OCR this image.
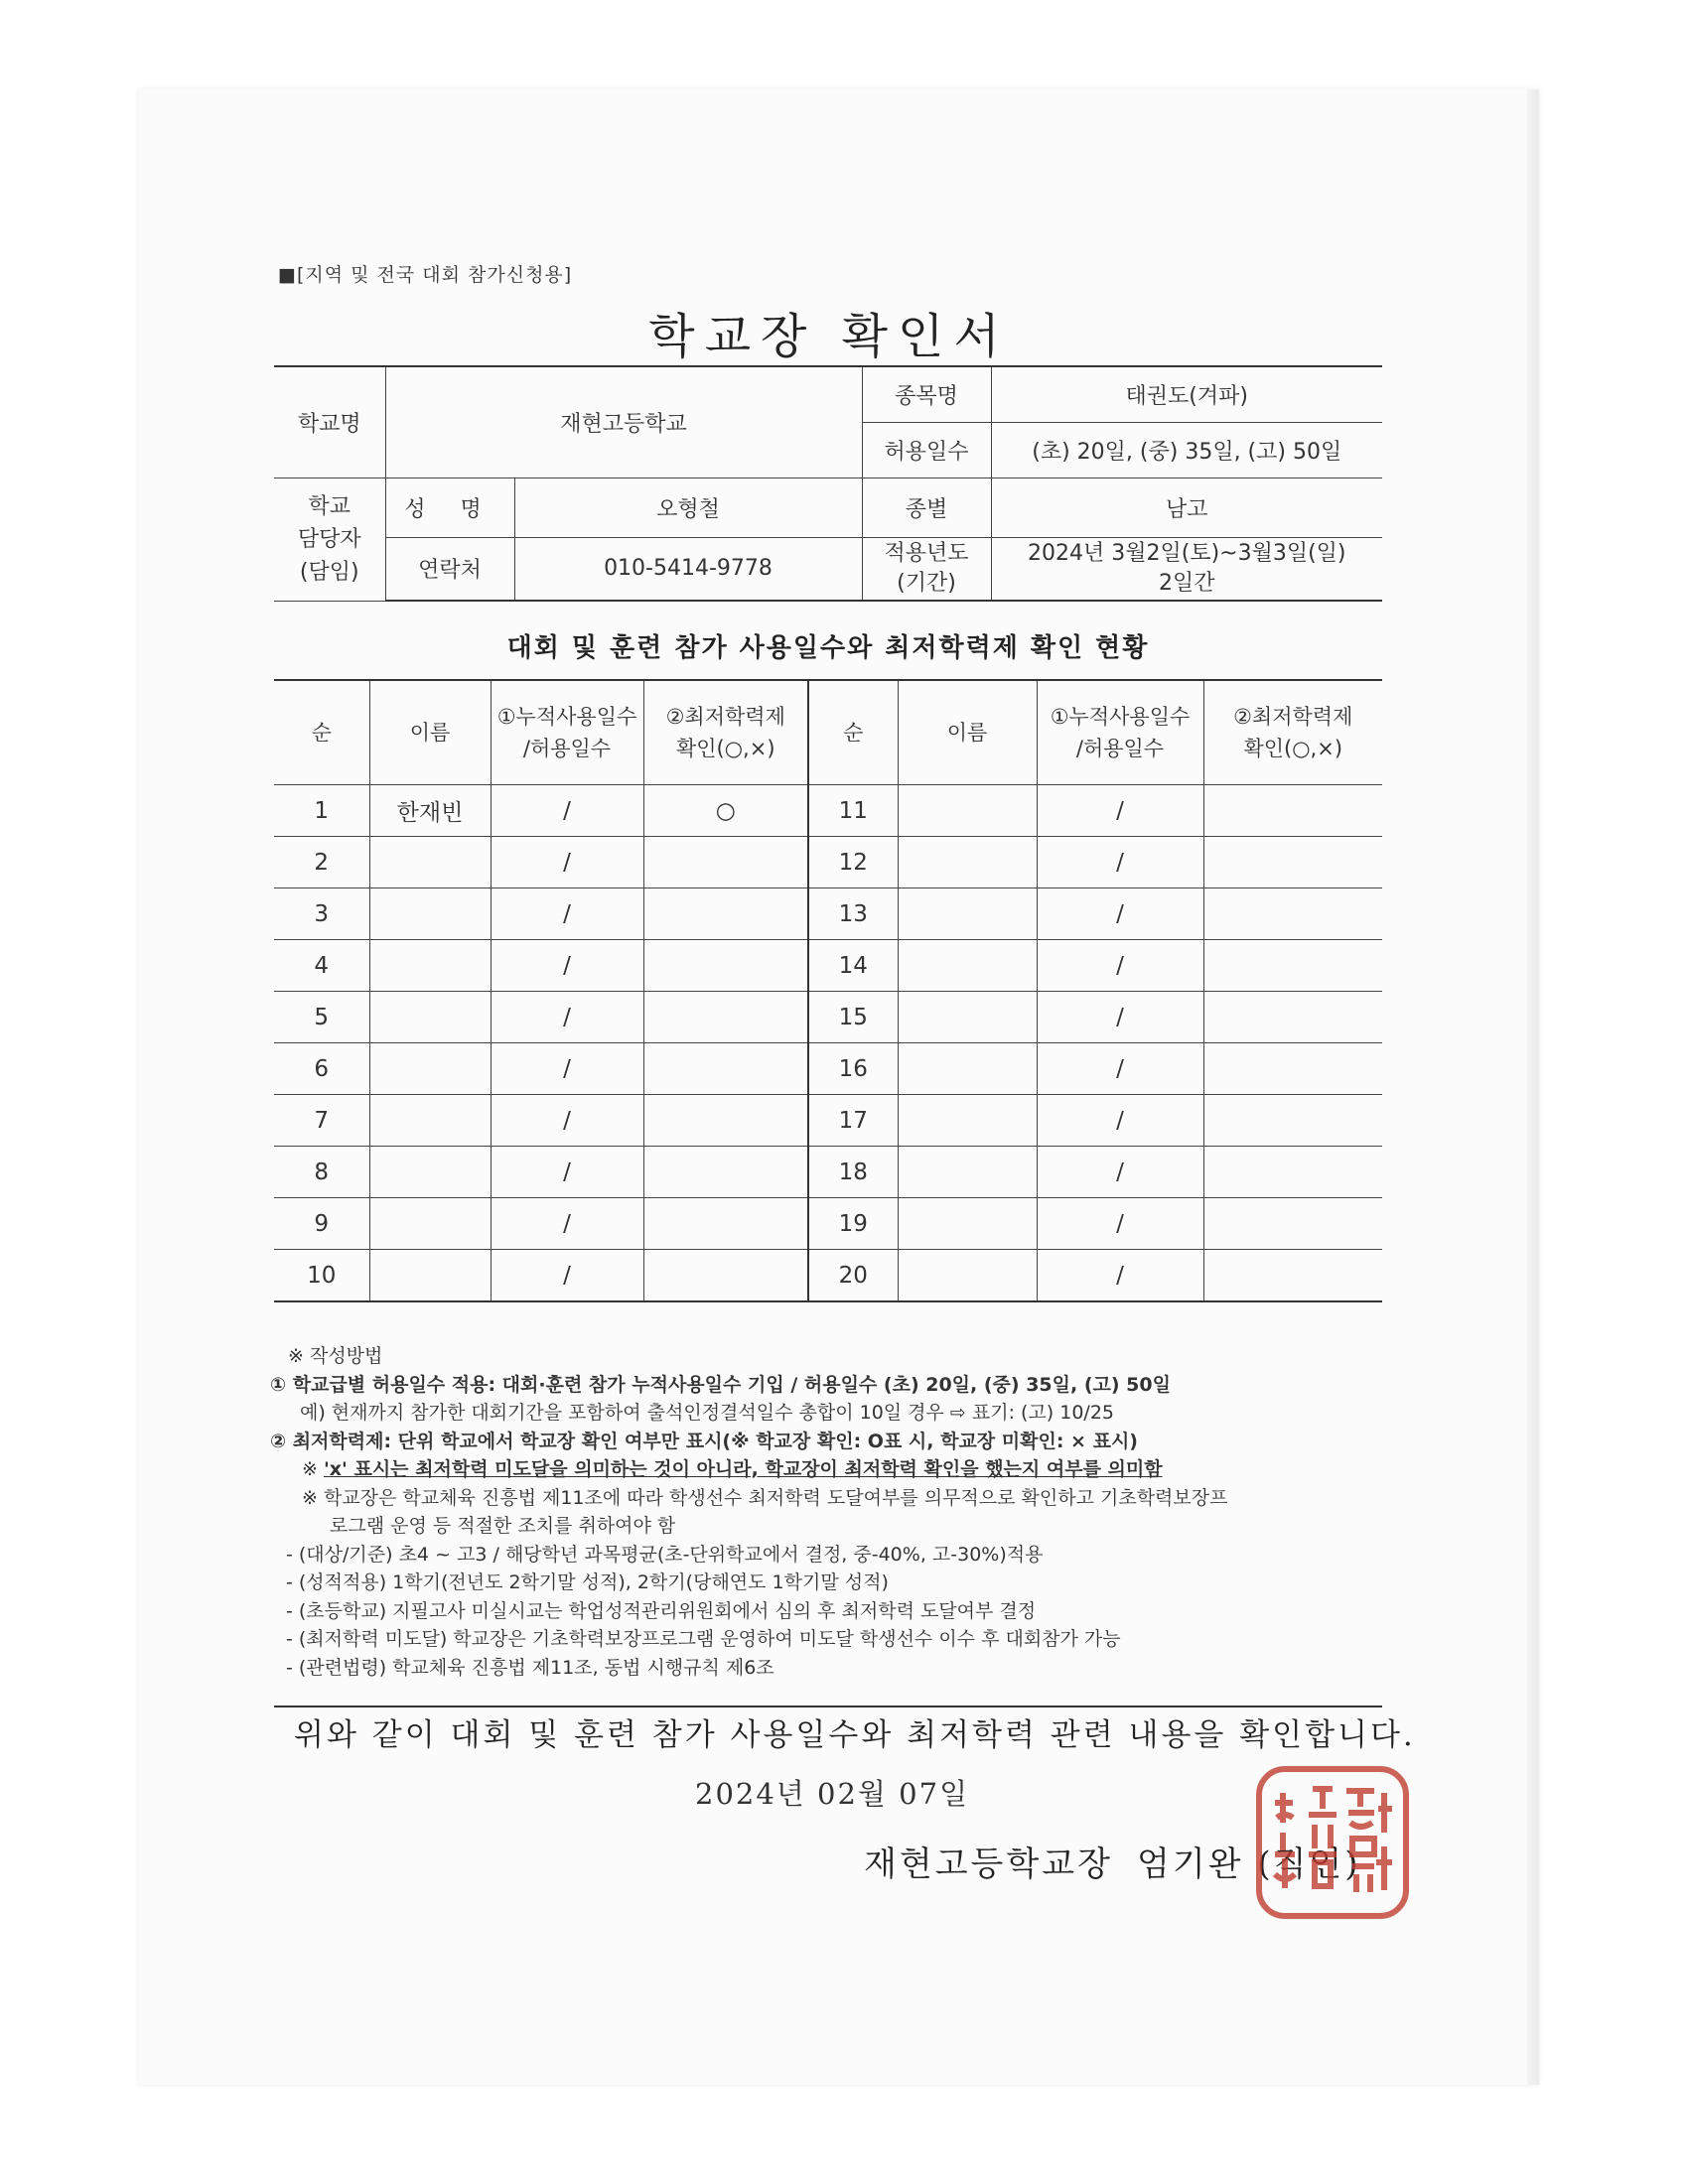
■[지역 및 전국 대회 참가신청용]
학교장 확인서
학교명	재현고등학교		종목명	태권도(겨파)
			허용일수	(초) 20일, (중) 35일, (고) 50일
학교 담당자 (담임)	성 명	오형철	종별	남고
	연락처	010-5414-9778	적용년도 (기간)	2024년 3월2일(토)~3월3일(일)
2일간
대회 및 훈련 참가 사용일수와 최저학력제 확인 현황
순	이름	①누적사용일수 /허용일수	②최저학력제 확인(○,×)	순	이름	①누적사용일수 /허용일수	②최저학력제 확인(○,×)
1	한재빈	/	○	11		/	
2		/		12		/	
3		/		13		/	
4		/		14		/	
5		/		15		/	
6		/		16		/	
7		/		17		/	
8		/		18		/	
9		/		19		/	
10		/		20		/	
※ 작성방법
① 학교급별 허용일수 적용: 대회·훈련 참가 누적사용일수 기입 / 허용일수 (초) 20일, (중) 35일, (고) 50일
예) 현재까지 참가한 대회기간을 포함하여 출석인정결석일수 총합이 10일 경우 ⇨ 표기: (고) 10/25
② 최저학력제: 단위 학교에서 학교장 확인 여부만 표시(※ 학교장 확인: O표 시, 학교장 미확인: × 표시)
※ 'x' 표시는 최저학력 미도달을 의미하는 것이 아니라, 학교장이 최저학력 확인을 했는지 여부를 의미함
※ 학교장은 학교체육 진흥법 제11조에 따라 학생선수 최저학력 도달여부를 의무적으로 확인하고 기초학력보장프
로그램 운영 등 적절한 조치를 취하여야 함
- (대상/기준) 초4 ~ 고3 / 해당학년 과목평균(초-단위학교에서 결정, 중-40%, 고-30%)적용
- (성적적용) 1학기(전년도 2학기말 성적), 2학기(당해연도 1학기말 성적)
- (초등학교) 지필고사 미실시교는 학업성적관리위원회에서 심의 후 최저학력 도달여부 결정
- (최저학력 미도달) 학교장은 기초학력보장프로그램 운영하여 미도달 학생선수 이수 후 대회참가 가능
- (관련법령) 학교체육 진흥법 제11조, 동법 시행규칙 제6조
위와 같이 대회 및 훈련 참가 사용일수와 최저학력 관련 내용을 확인합니다.
2024년 02월 07일
재현고등학교장 엄기완 (직인)
